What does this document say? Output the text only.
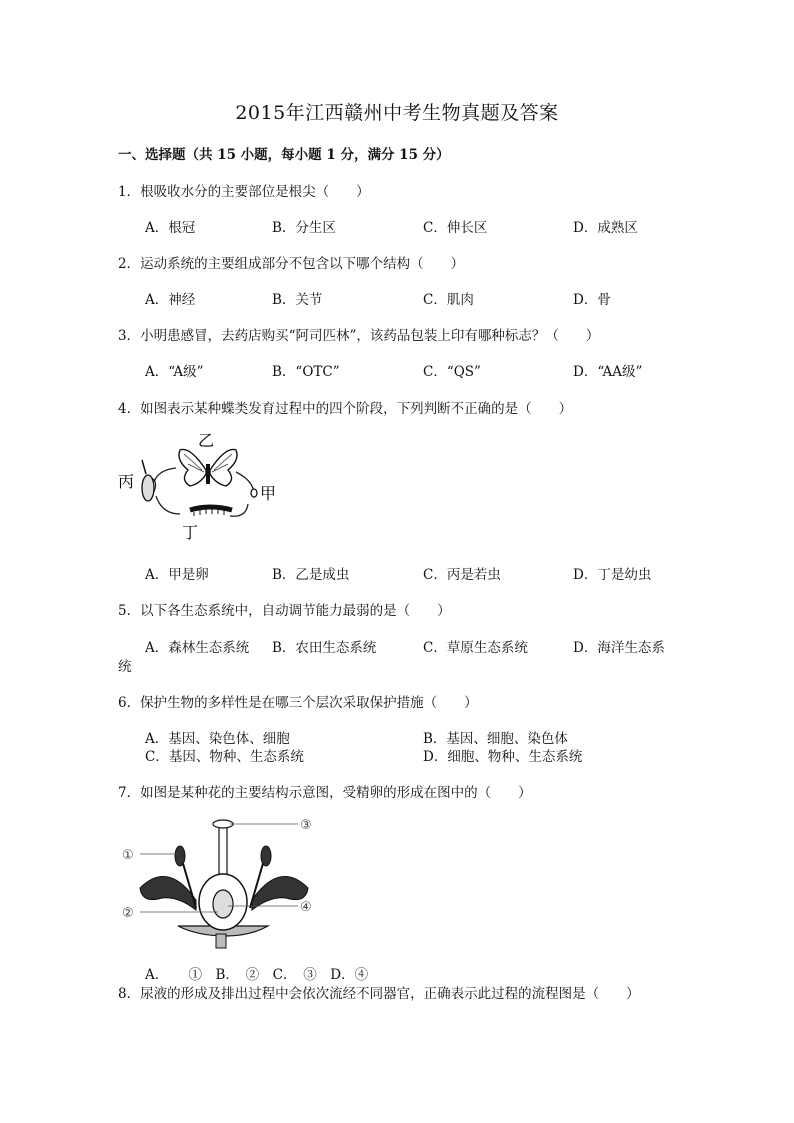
2015年江西赣州中考生物真题及答案
一、选择题（共 15 小题，每小题 1 分，满分 15 分）
1．根吸收水分的主要部位是根尖（　　）
A．根冠	B．分生区	C．伸长区	D．成熟区
2．运动系统的主要组成部分不包含以下哪个结构（　　）
A．神经	B．关节	C．肌肉	D．骨
3．小明患感冒，去药店购买“阿司匹林”，该药品包装上印有哪种标志？（　　）
A．“A级”	B．“OTC”	C．“QS”	D．“AA级”
4．如图表示某种蝶类发育过程中的四个阶段，下列判断不正确的是（　　）
乙
丙
甲
丁
A．甲是卵	B．乙是成虫	C．丙是若虫	D．丁是幼虫
5．以下各生态系统中，自动调节能力最弱的是（　　）
A．森林生态系统 B．农田生态系统	C．草原生态系统	D．海洋生态系
统
6．保护生物的多样性是在哪三个层次采取保护措施（　　）
A．基因、染色体、细胞	B．基因、细胞、染色体
C．基因、物种、生态系统	D．细胞、物种、生态系统
7．如图是某种花的主要结构示意图，受精卵的形成在图中的（　　）
①
②
③
④
A．　　①　B．　②　C．　③　D．④
8．尿液的形成及排出过程中会依次流经不同器官，正确表示此过程的流程图是（　　）
